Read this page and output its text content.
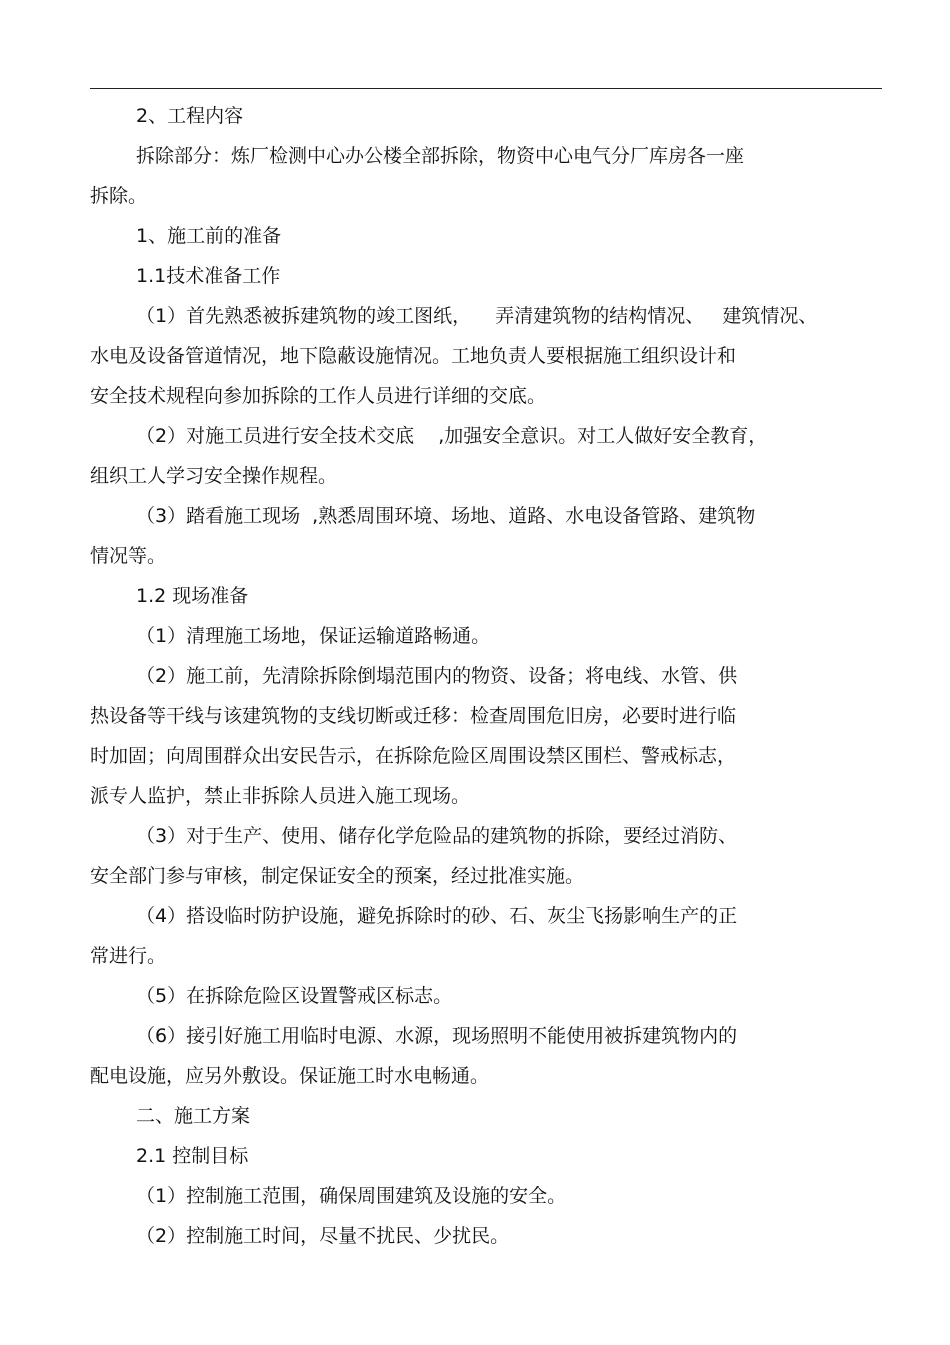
2、工程内容
拆除部分：炼厂检测中心办公楼全部拆除，物资中心电气分厂库房各一座
拆除。
1、施工前的准备
1.1技术准备工作
（1）首先熟悉被拆建筑物的竣工图纸，    弄清建筑物的结构情况、   建筑情况、
水电及设备管道情况，地下隐蔽设施情况。工地负责人要根据施工组织设计和
安全技术规程向参加拆除的工作人员进行详细的交底。
（2）对施工员进行安全技术交底    ,加强安全意识。对工人做好安全教育，
组织工人学习安全操作规程。
（3）踏看施工现场  ,熟悉周围环境、场地、道路、水电设备管路、建筑物
情况等。
1.2 现场准备
（1）清理施工场地，保证运输道路畅通。
（2）施工前，先清除拆除倒塌范围内的物资、设备；将电线、水管、供
热设备等干线与该建筑物的支线切断或迁移：检查周围危旧房，必要时进行临
时加固；向周围群众出安民告示，在拆除危险区周围设禁区围栏、警戒标志，
派专人监护，禁止非拆除人员进入施工现场。
（3）对于生产、使用、储存化学危险品的建筑物的拆除，要经过消防、
安全部门参与审核，制定保证安全的预案，经过批准实施。
（4）搭设临时防护设施，避免拆除时的砂、石、灰尘飞扬影响生产的正
常进行。
（5）在拆除危险区设置警戒区标志。
（6）接引好施工用临时电源、水源，现场照明不能使用被拆建筑物内的
配电设施，应另外敷设。保证施工时水电畅通。
二、施工方案
2.1 控制目标
（1）控制施工范围，确保周围建筑及设施的安全。
（2）控制施工时间，尽量不扰民、少扰民。
